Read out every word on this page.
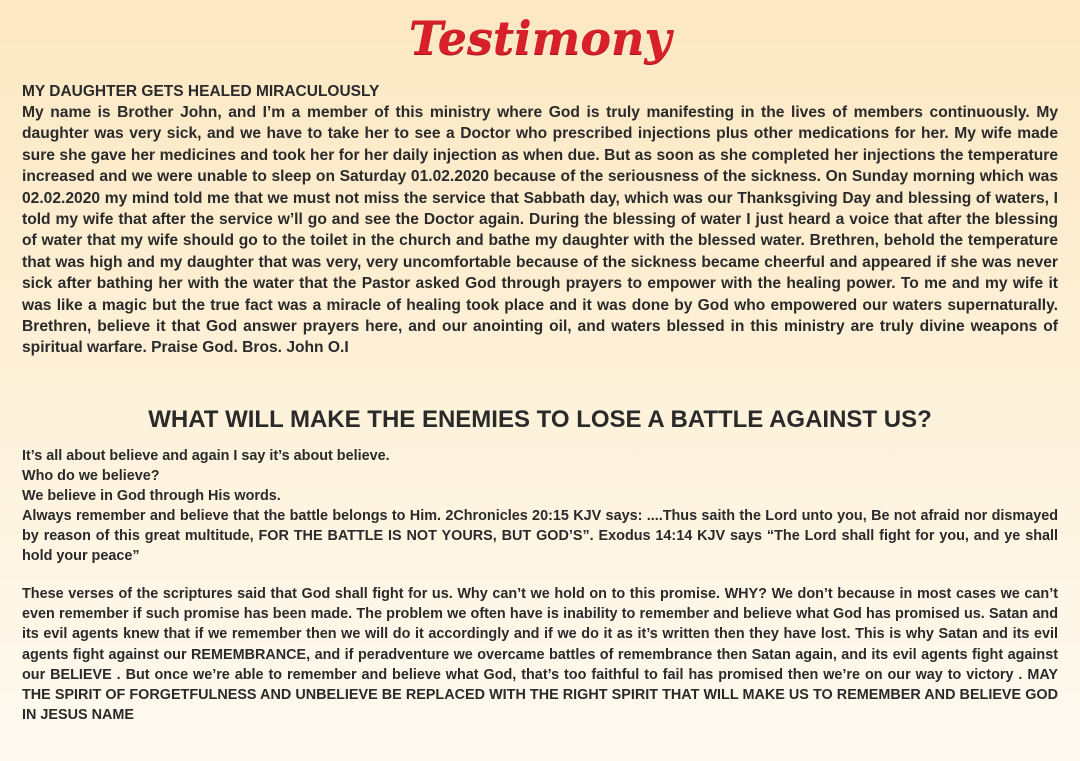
Testimony
MY DAUGHTER GETS HEALED MIRACULOUSLY
My name is Brother John, and I’m a member of this ministry where God is truly manifesting in the lives of members continuously. My daughter was very sick, and we have to take her to see a Doctor who prescribed injections plus other medications for her. My wife made sure she gave her medicines and took her for her daily injection as when due. But as soon as she completed her injections the temperature increased and we were unable to sleep on Saturday 01.02.2020 because of the seriousness of the sickness. On Sunday morning which was 02.02.2020 my mind told me that we must not miss the service that Sabbath day, which was our Thanksgiving Day and blessing of waters, I told my wife that after the service w’ll go and see the Doctor again. During the blessing of water I just heard a voice that after the blessing of water that my wife should go to the toilet in the church and bathe my daughter with the blessed water. Brethren, behold the temperature that was high and my daughter that was very, very uncomfortable because of the sickness became cheerful and appeared if she was never sick after bathing her with the water that the Pastor asked God through prayers to empower with the healing power. To me and my wife it was like a magic but the true fact was a miracle of healing took place and it was done by God who empowered our waters supernaturally. Brethren, believe it that God answer prayers here, and our anointing oil, and waters blessed in this ministry are truly divine weapons of spiritual warfare. Praise God. Bros. John O.I
WHAT WILL MAKE THE ENEMIES TO LOSE A BATTLE AGAINST US?

It’s all about believe and again I say it’s about believe.

Who do we believe?

We believe in God through His words.

Always remember and believe that the battle belongs to Him. 2Chronicles 20:15 KJV says: ....Thus saith the Lord unto you, Be not afraid nor dismayed by reason of this great multitude, FOR THE BATTLE IS NOT YOURS, BUT GOD’S”. Exodus 14:14 KJV says “The Lord shall fight for you, and ye shall hold your peace”

These verses of the scriptures said that God shall fight for us. Why can’t we hold on to this promise. WHY? We don’t because in most cases we can’t even remember if such promise has been made. The problem we often have is inability to remember and believe what God has promised us. Satan and its evil agents knew that if we remember then we will do it accordingly and if we do it as it’s written then they have lost. This is why Satan and its evil agents fight against our REMEMBRANCE, and if peradventure we overcame battles of remembrance then Satan again, and its evil agents fight against our BELIEVE . But once we’re able to remember and believe what God, that’s too faithful to fail has promised then we’re on our way to victory . MAY THE SPIRIT OF FORGETFULNESS AND UNBELIEVE BE REPLACED WITH THE RIGHT SPIRIT THAT WILL MAKE US TO REMEMBER AND BELIEVE GOD IN JESUS NAME
